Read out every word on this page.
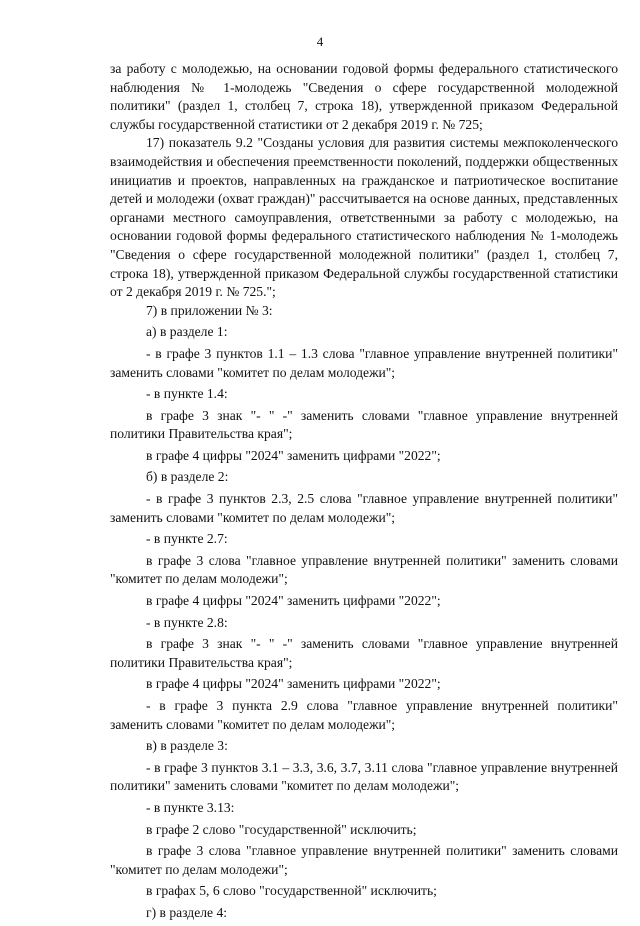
4

за работу с молодежью, на основании годовой формы федерального статистического наблюдения № 1-молодежь "Сведения о сфере государственной молодежной политики" (раздел 1, столбец 7, строка 18), утвержденной приказом Федеральной службы государственной статистики от 2 декабря 2019 г. № 725;

17) показатель 9.2 "Созданы условия для развития системы межпоколенческого взаимодействия и обеспечения преемственности поколений, поддержки общественных инициатив и проектов, направленных на гражданское и патриотическое воспитание детей и молодежи (охват граждан)" рассчитывается на основе данных, представленных органами местного самоуправления, ответственными за работу с молодежью, на основании годовой формы федерального статистического наблюдения № 1-молодежь "Сведения о сфере государственной молодежной политики" (раздел 1, столбец 7, строка 18), утвержденной приказом Федеральной службы государственной статистики от 2 декабря 2019 г. № 725.";

7) в приложении № 3:

а) в разделе 1:

- в графе 3 пунктов 1.1 – 1.3 слова "главное управление внутренней политики" заменить словами "комитет по делам молодежи";

- в пункте 1.4:

в графе 3 знак "- " -" заменить словами "главное управление внутренней политики Правительства края";

в графе 4 цифры "2024" заменить цифрами "2022";

б) в разделе 2:

- в графе 3 пунктов 2.3, 2.5 слова "главное управление внутренней политики" заменить словами "комитет по делам молодежи";

- в пункте 2.7:

в графе 3 слова "главное управление внутренней политики" заменить словами "комитет по делам молодежи";

в графе 4 цифры "2024" заменить цифрами "2022";

- в пункте 2.8:

в графе 3 знак "- " -" заменить словами "главное управление внутренней политики Правительства края";

в графе 4 цифры "2024" заменить цифрами "2022";

- в графе 3 пункта 2.9 слова "главное управление внутренней политики" заменить словами "комитет по делам молодежи";

в) в разделе 3:

- в графе 3 пунктов 3.1 – 3.3, 3.6, 3.7, 3.11 слова "главное управление внутренней политики" заменить словами "комитет по делам молодежи";

- в пункте 3.13:

в графе 2 слово "государственной" исключить;

в графе 3 слова "главное управление внутренней политики" заменить словами "комитет по делам молодежи";

в графах 5, 6 слово "государственной" исключить;

г) в разделе 4:
